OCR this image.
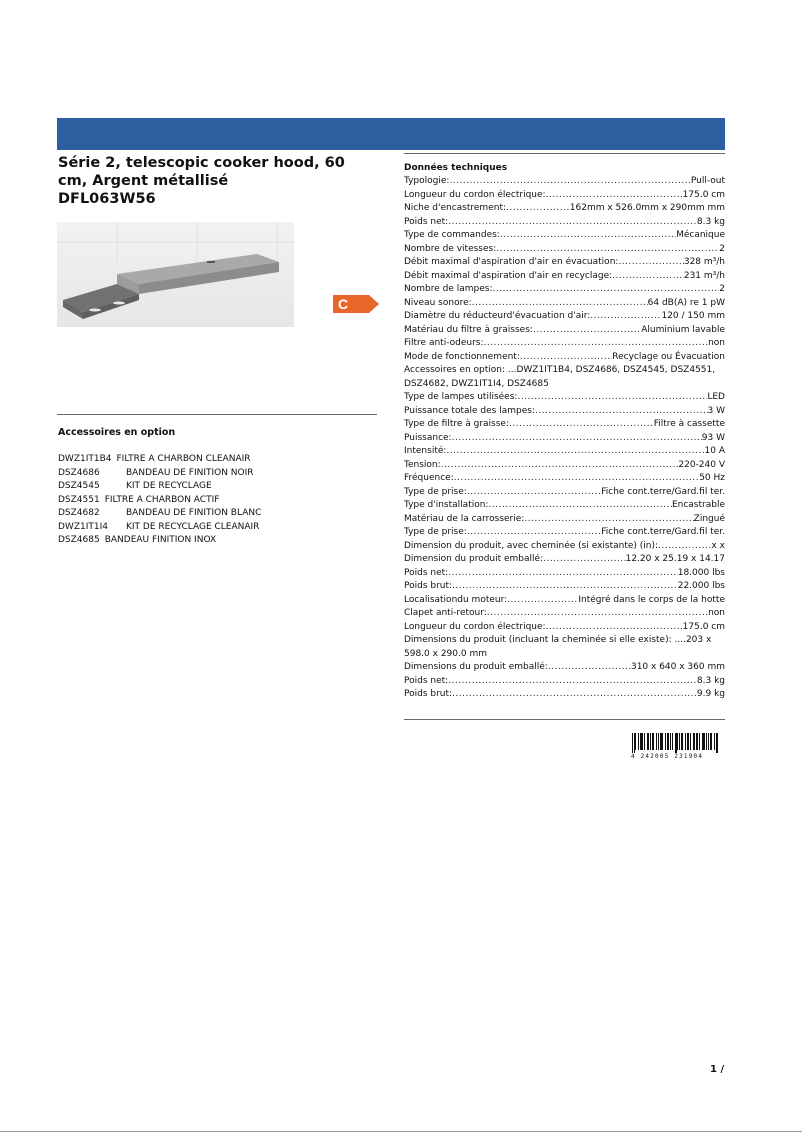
Série 2, telescopic cooker hood, 60
cm, Argent métallisé
DFL063W56
C
Accessoires en option
DWZ1IT1B4 FILTRE A CHARBON CLEANAIR
DSZ4686	BANDEAU DE FINITION NOIR
DSZ4545	KIT DE RECYCLAGE
DSZ4551 FILTRE A CHARBON ACTIF
DSZ4682	BANDEAU DE FINITION BLANC
DWZ1IT1I4 KIT DE RECYCLAGE CLEANAIR
DSZ4685 BANDEAU FINITION INOX
Données techniques
Typologie: .....	Pull-out
Longueur du cordon électrique: .....	175.0 cm
Niche d'encastrement: .....	162mm x 526.0mm x 290mm mm
Poids net: .....	8.3 kg
Type de commandes: .....	Mécanique
Nombre de vitesses: .....	2
Débit maximal d'aspiration d'air en évacuation: .....	328 m³/h
Débit maximal d'aspiration d'air en recyclage: .....	231 m³/h
Nombre de lampes: .....	2
Niveau sonore: .....	64 dB(A) re 1 pW
Diamètre du réducteurd'évacuation d'air: .....	120 / 150 mm
Matériau du filtre à graisses: .....	Aluminium lavable
Filtre anti-odeurs: .....	non
Mode de fonctionnement: .....	Recyclage ou Évacuation
Accessoires en option: ...DWZ1IT1B4, DSZ4686, DSZ4545, DSZ4551,
DSZ4682, DWZ1IT1I4, DSZ4685
Type de lampes utilisées: .....	LED
Puissance totale des lampes: .....	3 W
Type de filtre à graisse: .....	Filtre à cassette
Puissance: .....	93 W
Intensité: .....	10 A
Tension: .....	220-240 V
Fréquence: .....	50 Hz
Type de prise: .....	Fiche cont.terre/Gard.fil ter.
Type d'installation: .....	Encastrable
Matériau de la carrosserie: .....	Zingué
Type de prise: .....	Fiche cont.terre/Gard.fil ter.
Dimension du produit, avec cheminée (si existante) (in): .....	x x
Dimension du produit emballé: .....	12.20 x 25.19 x 14.17
Poids net: .....	18.000 lbs
Poids brut: .....	22.000 lbs
Localisationdu moteur: .....	Intégré dans le corps de la hotte
Clapet anti-retour: .....	non
Longueur du cordon électrique: .....	175.0 cm
Dimensions du produit (incluant la cheminée si elle existe): ....203 x
598.0 x 290.0 mm
Dimensions du produit emballé: .....	310 x 640 x 360 mm
Poids net: .....	8.3 kg
Poids brut: .....	9.9 kg
4 242005 231904
1 /
